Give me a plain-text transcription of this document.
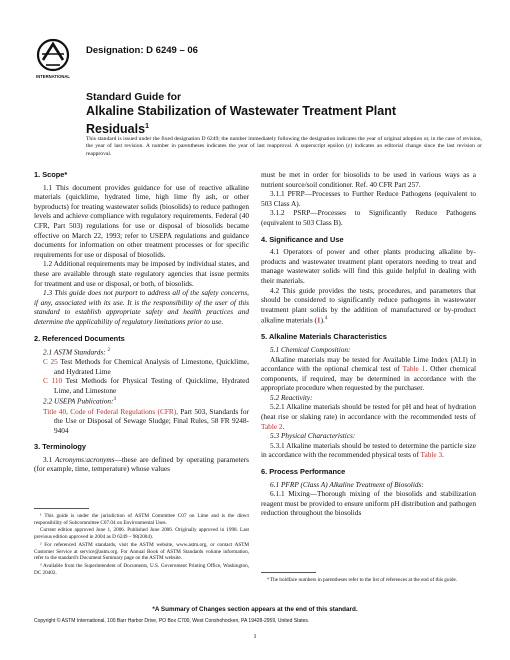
INTERNATIONAL
Designation: D 6249 – 06
Standard Guide for
Alkaline Stabilization of Wastewater Treatment Plant
Residuals$^1$
This standard is issued under the fixed designation D 6249; the number immediately following the designation indicates the year of original adoption or, in the case of revision, the year of last revision. A number in parentheses indicates the year of last reapproval. A superscript epsilon (ε) indicates an editorial change since the last revision or reapproval.

1. Scope*

1.1 This document provides guidance for use of reactive alkaline materials (quicklime, hydrated lime, high lime fly ash, or other byproducts) for treating wastewater solids (biosolids) to reduce pathogen levels and achieve compliance with regulatory requirements. Federal (40 CFR, Part 503) regulations for use or disposal of biosolids became effective on March 22, 1993; refer to USEPA regulations and guidance documents for information on other treatment processes or for specific requirements for use or disposal of biosolids.

1.2 Additional requirements may be imposed by individual states, and these are available through state regulatory agencies that issue permits for treatment and use or disposal, or both, of biosolids.

1.3 This guide does not purport to address all of the safety concerns, if any, associated with its use. It is the responsibility of the user of this standard to establish appropriate safety and health practices and determine the applicability of regulatory limitations prior to use.

2. Referenced Documents

2.1 ASTM Standards: $^2$

C 25 Test Methods for Chemical Analysis of Limestone, Quicklime, and Hydrated Lime

C 110 Test Methods for Physical Testing of Quicklime, Hydrated Lime, and Limestone

2.2 USEPA Publication:$^3$

Title 40, Code of Federal Regulations (CFR), Part 503, Standards for the Use or Disposal of Sewage Sludge; Final Rules, 58 FR 9248-9404

3. Terminology

3.1 Acronyms:acronyms—these are defined by operating parameters (for example, time, temperature) whose values

¹ This guide is under the jurisdiction of ASTM Committee C07 on Lime and is the direct responsibility of Subcommittee C07.04 on Environmental Uses.

Current edition approved June 1, 2006. Published June 2006. Originally approved in 1998. Last previous edition approved in 2004 as D 6249 – 98(2004).

² For referenced ASTM standards, visit the ASTM website, www.astm.org, or contact ASTM Customer Service at service@astm.org. For Annual Book of ASTM Standards volume information, refer to the standard's Document Summary page on the ASTM website.

³ Available from the Superintendent of Documents, U.S. Government Printing Office, Washington, DC 20402.

must be met in order for biosolids to be used in various ways as a nutrient source/soil conditioner. Ref. 40 CFR Part 257.

3.1.1 PFRP—Processes to Further Reduce Pathogens (equivalent to 503 Class A).

3.1.2 PSRP—Processes to Significantly Reduce Pathogens (equivalent to 503 Class B).

4. Significance and Use

4.1 Operators of power and other plants producing alkaline by-products and wastewater treatment plant operators needing to treat and manage wastewater solids will find this guide helpful in dealing with their materials.

4.2 This guide provides the tests, procedures, and parameters that should be considered to significantly reduce pathogens in wastewater treatment plant solids by the addition of manufactured or by-product alkaline materials (1).$^4$

5. Alkaline Materials Characteristics

5.1 Chemical Composition:

Alkaline materials may be tested for Available Lime Index (ALI) in accordance with the optional chemical test of Table 1. Other chemical components, if required, may be determined in accordance with the appropriate procedure when requested by the purchaser.

5.2 Reactivity:

5.2.1 Alkaline materials should be tested for pH and heat of hydration (heat rise or slaking rate) in accordance with the recommended tests of Table 2.

5.3 Physical Characteristics:

5.3.1 Alkaline materials should be tested to determine the particle size in accordance with the recommended physical tests of Table 3.

6. Process Performance

6.1 PFRP (Class A) Alkaline Treatment of Biosolids:

6.1.1 Mixing—Thorough mixing of the biosolids and stabilization reagent must be provided to ensure uniform pH distribution and pathogen reduction throughout the biosolids

⁴ The boldface numbers in parentheses refer to the list of references at the end of this guide.

*A Summary of Changes section appears at the end of this standard.
Copyright © ASTM International, 100 Barr Harbor Drive, PO Box C700, West Conshohocken, PA 19428-2959, United States.
1
